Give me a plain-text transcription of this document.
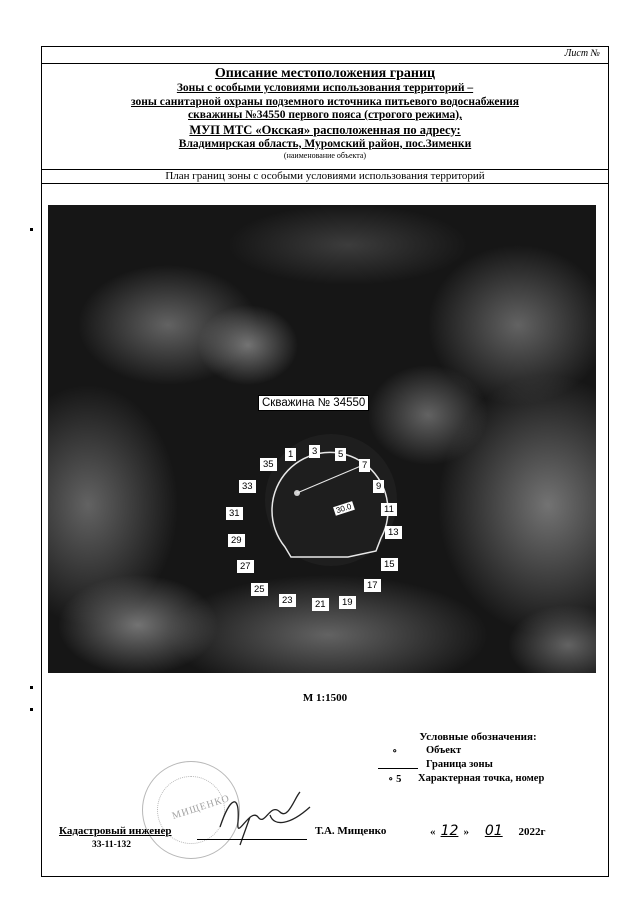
Лист №
Описание местоположения границ
Зоны с особыми условиями использования территорий –
зоны санитарной охраны подземного источника питьевого водоснабжения
скважины №34550 первого пояса (строгого режима),
МУП МТС «Окская» расположенная по адресу:
Владимирская область, Муромский район, пос.Зименки
(наименование объекта)
План границ зоны с особыми условиями использования территорий
Скважина № 34550
30.0
35
1	3	5
7
9
11
13
15
17
19
21
23
25
27
29
31
33
М 1:1500
Условные обозначения:
∘	Объект
Граница зоны
∘ 5 Характерная точка, номер
МИЩЕНКО
Кадастровый инженер
33-11-132
Т.А. Мищенко	« 12 » 01 2022г
